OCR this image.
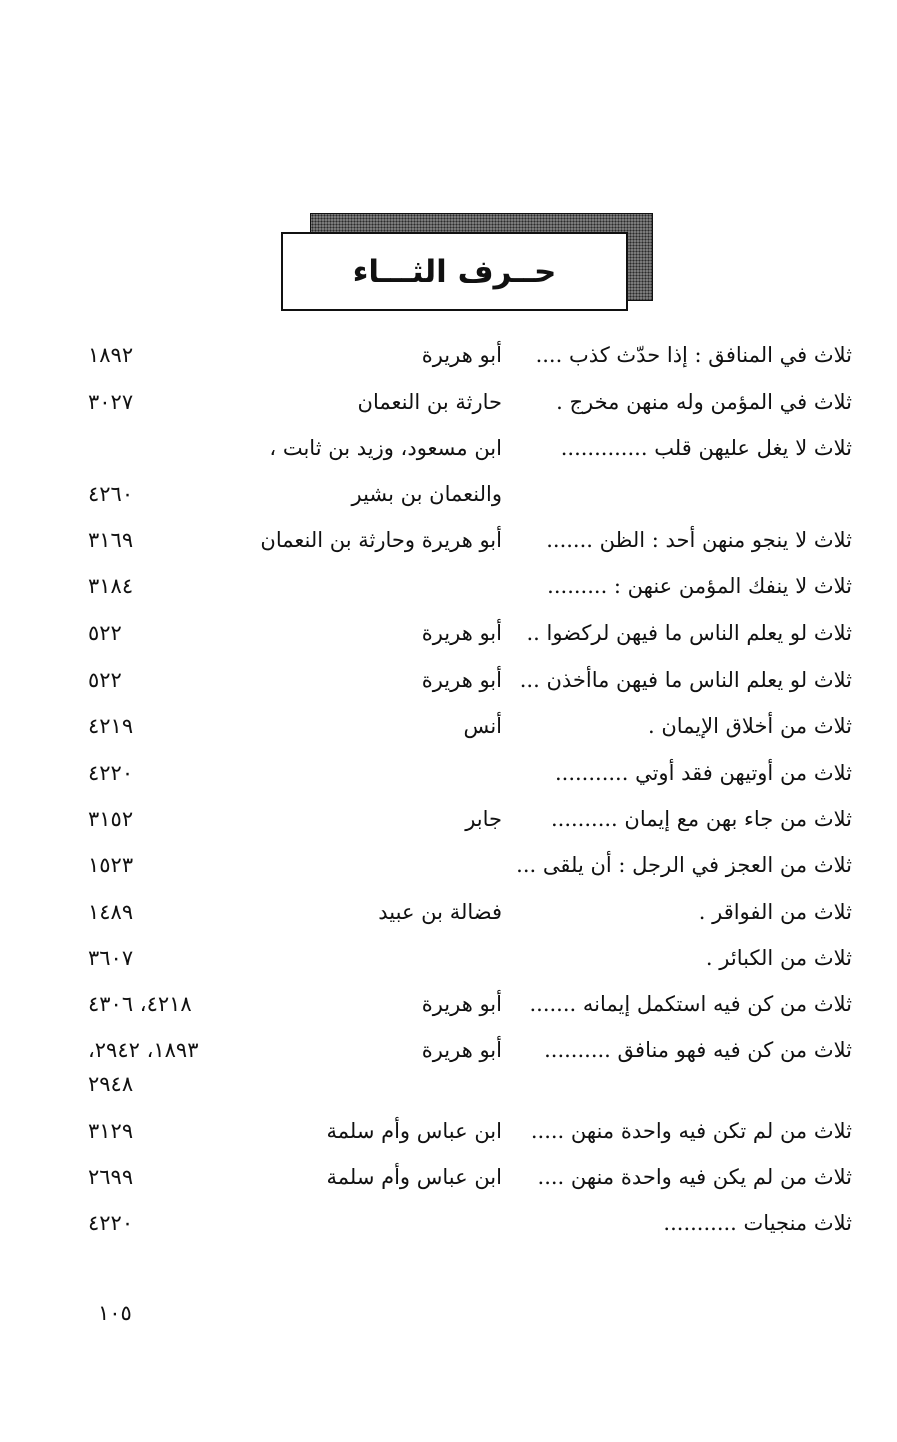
حــرف الثـــاء
ثلاث في المنافق : إذا حدّث كذب ....
أبو هريرة
١٨٩٢
ثلاث في المؤمن وله منهن مخرج .
حارثة بن النعمان
٣٠٢٧
ثلاث لا يغل عليهن قلب .............
ابن مسعود، وزيد بن ثابت ،
والنعمان بن بشير
٤٢٦٠
ثلاث لا ينجو منهن أحد : الظن .......
أبو هريرة وحارثة بن النعمان
٣١٦٩
ثلاث لا ينفك المؤمن عنهن : .........
٣١٨٤
ثلاث لو يعلم الناس ما فيهن لركضوا ..
أبو هريرة
٥٢٢
ثلاث لو يعلم الناس ما فيهن ماأخذن ...
أبو هريرة
٥٢٢
ثلاث من أخلاق الإيمان .
أنس
٤٢١٩
ثلاث من أوتيهن فقد أوتي ...........
٤٢٢٠
ثلاث من جاء بهن مع إيمان ..........
جابر
٣١٥٢
ثلاث من العجز في الرجل : أن يلقى ...
١٥٢٣
ثلاث من الفواقر .
فضالة بن عبيد
١٤٨٩
ثلاث من الكبائر .
٣٦٠٧
ثلاث من كن فيه استكمل إيمانه .......
أبو هريرة
٤٢١٨، ٤٣٠٦
ثلاث من كن فيه فهو منافق ..........
أبو هريرة
١٨٩٣، ٢٩٤٢،
٢٩٤٨
ثلاث من لم تكن فيه واحدة منهن .....
ابن عباس وأم سلمة
٣١٢٩
ثلاث من لم يكن فيه واحدة منهن ....
ابن عباس وأم سلمة
٢٦٩٩
ثلاث منجيات ...........
٤٢٢٠
١٠٥
